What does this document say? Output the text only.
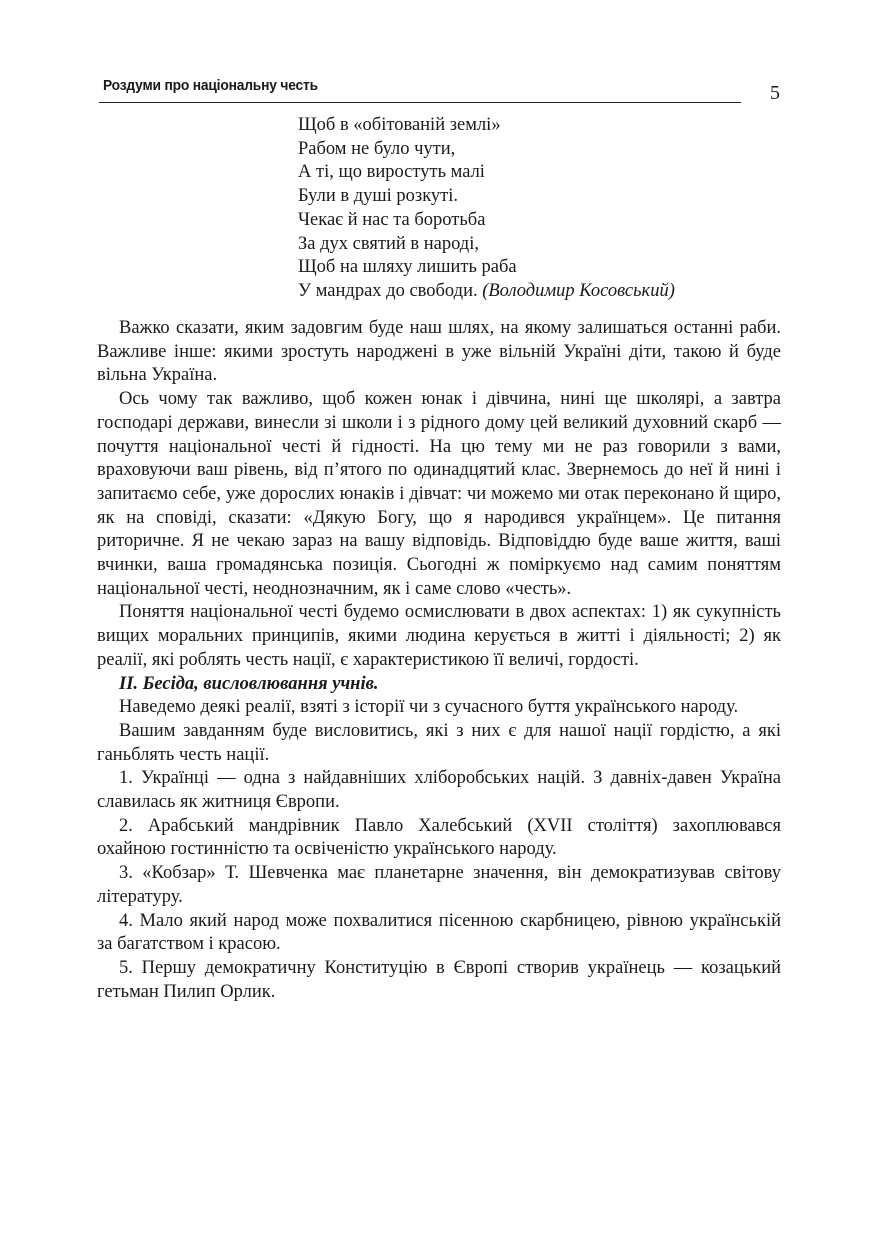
Роздуми про національну честь	5
Щоб в «обітованій землі»
Рабом не було чути,
А ті, що виростуть малі
Були в душі розкуті.
Чекає й нас та боротьба
За дух святий в народі,
Щоб на шляху лишить раба
У мандрах до свободи. (Володимир Косовський)

Важко сказати, яким задовгим буде наш шлях, на якому залишаться останні раби. Важливе інше: якими зростуть народжені в уже вільній Україні діти, такою й буде вільна Україна.

Ось чому так важливо, щоб кожен юнак і дівчина, нині ще школярі, а завтра господарі держави, винесли зі школи і з рідного дому цей великий духовний скарб — почуття національної честі й гідності. На цю тему ми не раз говорили з вами, враховуючи ваш рівень, від п’ятого по одинадцятий клас. Звернемось до неї й нині і запитаємо себе, уже дорослих юнаків і дівчат: чи можемо ми отак переконано й щиро, як на сповіді, сказати: «Дякую Богу, що я народився українцем». Це питання риторичне. Я не чекаю зараз на вашу відповідь. Відповіддю буде ваше життя, ваші вчинки, ваша громадянська позиція. Сьогодні ж поміркуємо над самим поняттям національної честі, неоднозначним, як і саме слово «честь».

Поняття національної честі будемо осмислювати в двох аспектах: 1) як сукупність вищих моральних принципів, якими людина керується в житті і діяльності; 2) як реалії, які роблять честь нації, є характеристикою її величі, гордості.

ІІ. Бесіда, висловлювання учнів.

Наведемо деякі реалії, взяті з історії чи з сучасного буття українського народу.

Вашим завданням буде висловитись, які з них є для нашої нації гордістю, а які ганьблять честь нації.

1. Українці — одна з найдавніших хліборобських націй. З давніх-давен Україна славилась як житниця Європи.

2. Арабський мандрівник Павло Халебський (XVII століття) захоплювався охайною гостинністю та освіченістю українського народу.

3. «Кобзар» Т. Шевченка має планетарне значення, він демократизував світову літературу.

4. Мало який народ може похвалитися пісенною скарбницею, рівною українській за багатством і красою.

5. Першу демократичну Конституцію в Європі створив українець — козацький гетьман Пилип Орлик.
